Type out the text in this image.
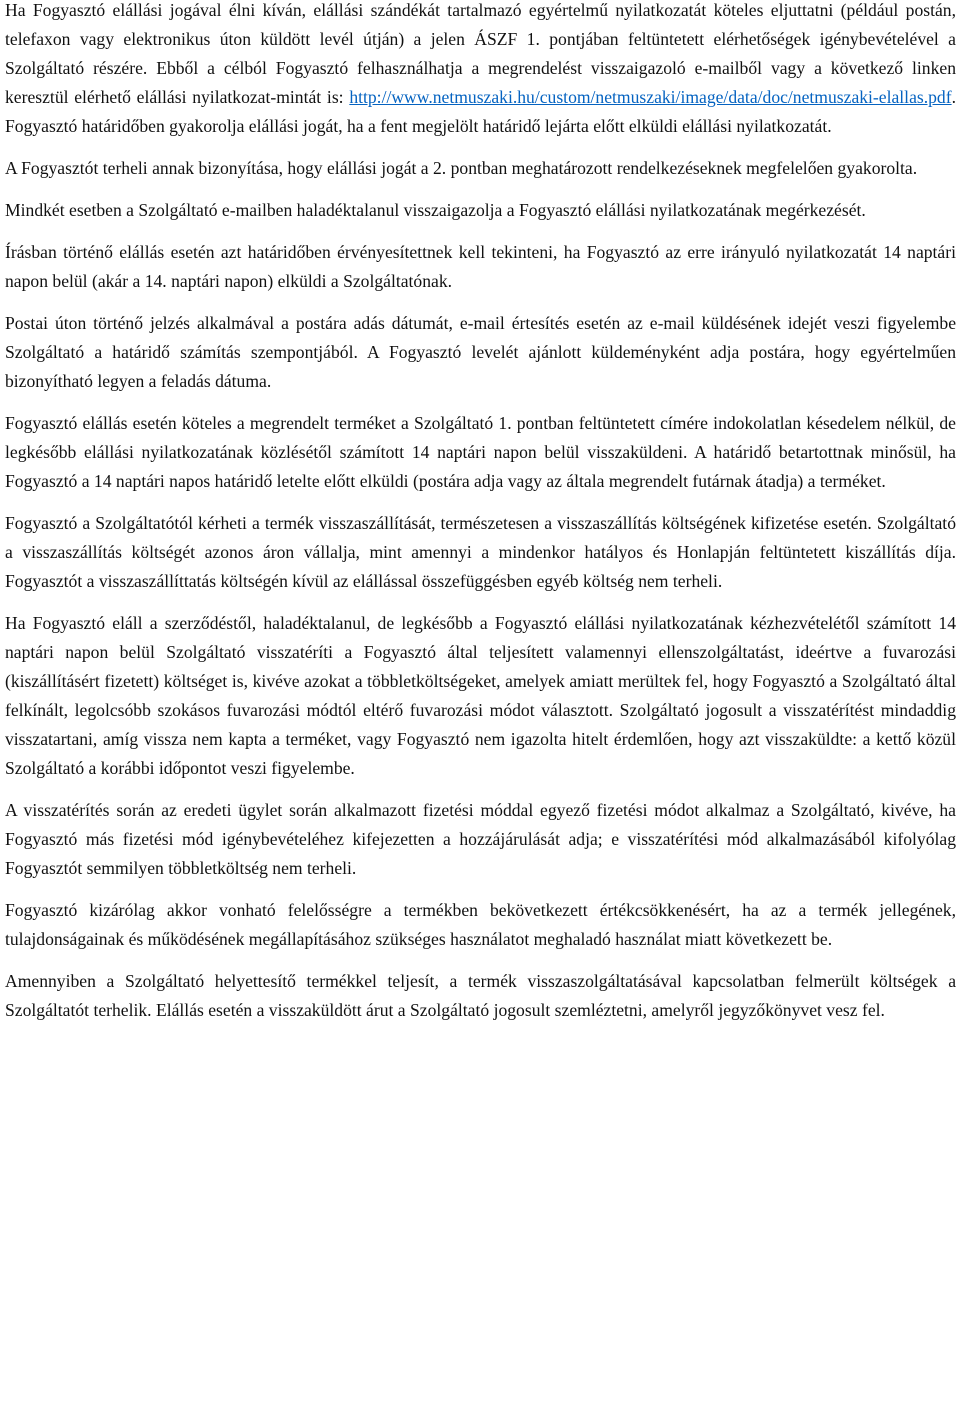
Ha Fogyasztó elállási jogával élni kíván, elállási szándékát tartalmazó egyértelmű nyilatkozatát köteles eljuttatni (például postán, telefaxon vagy elektronikus úton küldött levél útján) a jelen ÁSZF 1. pontjában feltüntetett elérhetőségek igénybevételével a Szolgáltató részére. Ebből a célból Fogyasztó felhasználhatja a megrendelést visszaigazoló e-mailből vagy a következő linken keresztül elérhető elállási nyilatkozat-mintát is: http://www.netmuszaki.hu/custom/netmuszaki/image/data/doc/netmuszaki-elallas.pdf. Fogyasztó határidőben gyakorolja elállási jogát, ha a fent megjelölt határidő lejárta előtt elküldi elállási nyilatkozatát.

A Fogyasztót terheli annak bizonyítása, hogy elállási jogát a 2. pontban meghatározott rendelkezéseknek megfelelően gyakorolta.

Mindkét esetben a Szolgáltató e-mailben haladéktalanul visszaigazolja a Fogyasztó elállási nyilatkozatának megérkezését.

Írásban történő elállás esetén azt határidőben érvényesítettnek kell tekinteni, ha Fogyasztó az erre irányuló nyilatkozatát 14 naptári napon belül (akár a 14. naptári napon) elküldi a Szolgáltatónak.

Postai úton történő jelzés alkalmával a postára adás dátumát, e-mail értesítés esetén az e-mail küldésének idejét veszi figyelembe Szolgáltató a határidő számítás szempontjából. A Fogyasztó levelét ajánlott küldeményként adja postára, hogy egyértelműen bizonyítható legyen a feladás dátuma.

Fogyasztó elállás esetén köteles a megrendelt terméket a Szolgáltató 1. pontban feltüntetett címére indokolatlan késedelem nélkül, de legkésőbb elállási nyilatkozatának közlésétől számított 14 naptári napon belül visszaküldeni. A határidő betartottnak minősül, ha Fogyasztó a 14 naptári napos határidő letelte előtt elküldi (postára adja vagy az általa megrendelt futárnak átadja) a terméket.

Fogyasztó a Szolgáltatótól kérheti a termék visszaszállítását, természetesen a visszaszállítás költségének kifizetése esetén. Szolgáltató a visszaszállítás költségét azonos áron vállalja, mint amennyi a mindenkor hatályos és Honlapján feltüntetett kiszállítás díja. Fogyasztót a visszaszállíttatás költségén kívül az elállással összefüggésben egyéb költség nem terheli.

Ha Fogyasztó eláll a szerződéstől, haladéktalanul, de legkésőbb a Fogyasztó elállási nyilatkozatának kézhezvételétől számított 14 naptári napon belül Szolgáltató visszatéríti a Fogyasztó által teljesített valamennyi ellenszolgáltatást, ideértve a fuvarozási (kiszállításért fizetett) költséget is, kivéve azokat a többletköltségeket, amelyek amiatt merültek fel, hogy Fogyasztó a Szolgáltató által felkínált, legolcsóbb szokásos fuvarozási módtól eltérő fuvarozási módot választott. Szolgáltató jogosult a visszatérítést mindaddig visszatartani, amíg vissza nem kapta a terméket, vagy Fogyasztó nem igazolta hitelt érdemlően, hogy azt visszaküldte: a kettő közül Szolgáltató a korábbi időpontot veszi figyelembe.

A visszatérítés során az eredeti ügylet során alkalmazott fizetési móddal egyező fizetési módot alkalmaz a Szolgáltató, kivéve, ha Fogyasztó más fizetési mód igénybevételéhez kifejezetten a hozzájárulását adja; e visszatérítési mód alkalmazásából kifolyólag Fogyasztót semmilyen többletköltség nem terheli.

Fogyasztó kizárólag akkor vonható felelősségre a termékben bekövetkezett értékcsökkenésért, ha az a termék jellegének, tulajdonságainak és működésének megállapításához szükséges használatot meghaladó használat miatt következett be.

Amennyiben a Szolgáltató helyettesítő termékkel teljesít, a termék visszaszolgáltatásával kapcsolatban felmerült költségek a Szolgáltatót terhelik. Elállás esetén a visszaküldött árut a Szolgáltató jogosult szemléztetni, amelyről jegyzőkönyvet vesz fel.
